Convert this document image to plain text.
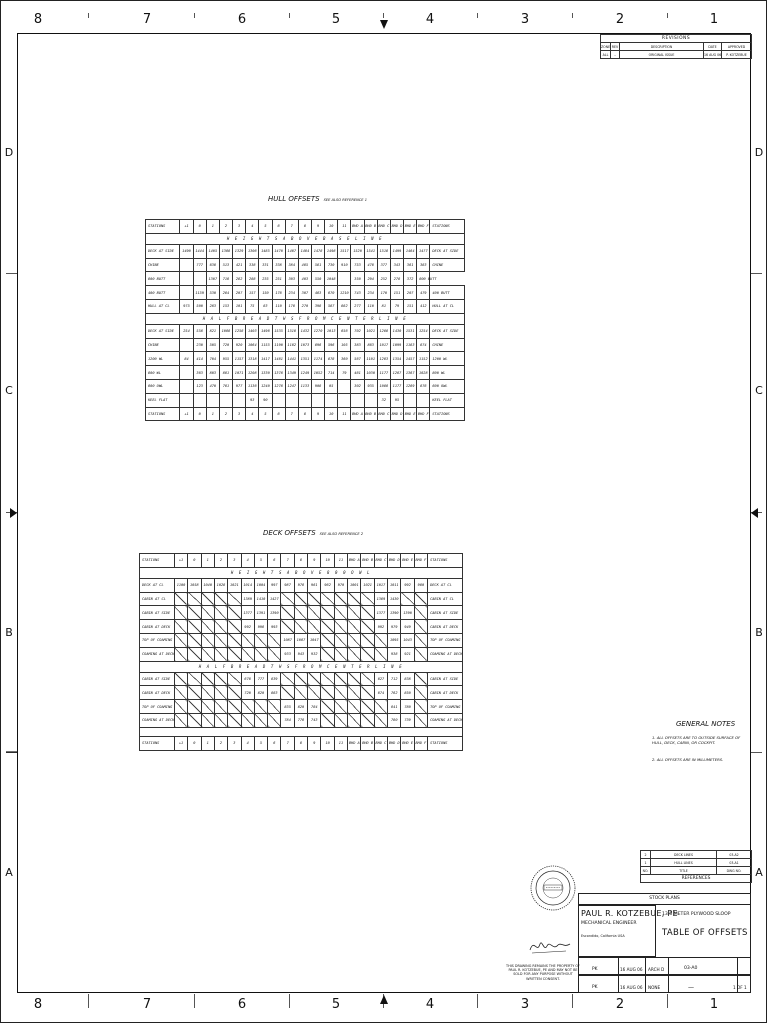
8	7	6	5	4	3	2	1
8	7	6	5	4	3	2	1
D
C
B
A
D
C
B
A
REVISIONS				
ZONE	REV	DESCRIPTION	DATE	APPROVED
ALL	–	ORIGINAL ISSUE	16 AUG 06	P. KOTZEBUE
HULL OFFSETS SEE ALSO REFERENCE 1
STATIONS	+1	0	1	2	3	4	5	6	7	8	9	10	11	BHD A	BHD B	BHD C	BHD D	BHD E	BHD F	STATIONS
H E I G H T S A B O V E B A S E L I N E																				
DECK AT SIDE	1490	1444	1405	1368	1329	1306	1485	1470	1467	1464	1478	1498	1517	1520	1541	1518	1499	1464	1477	DECK AT SIDE
CHINE		777	636	513	421	338	331	338	384	465	581	730	910	753	476	377	343	361	383	CHINE
800 BUTT			1307	716	282	288	235	251	303	403	550	1048		350	294	252	278	372	800 BUTT	
400 BUTT		1159	530	284	207	157	150	176	234	307	463	670	1210	743	234	170	151	207	479	400 BUTT
HULL AT CL	975	500	283	153	101	75	83	110	176	270	398	587	882	277	110	81	79	151	412	HULL AT CL
H A L F B R E A D T H S F R O M C E N T E R L I N E																				
DECK AT SIDE	254	558	821	1068	1258	1403	1496	1535	1516	1432	1270	1013	656	702	1021	1288	1430	1531	1254	DECK AT SIDE
CHINE		230	505	720	920	1064	1155	1190	1162	1073	896	596	105	383	863	1017	1099	1183	874	CHINE
1200 WL	84	414	704	955	1157	1318	1417	1461	1441	1351	1174	878	360	567	1101	1263	1354	1457	1152	1200 WL
800 WL		363	803	861	1071	1208	1330	1378	1349	1249	1052	714	79	461	1030	1177	1267	1367	1028	800 WL
600 OWL		123	470	761	977	1136	1240	1278	1247	1133	908	05		302	935	1086	1177	1269	876	600 OWL
KEEL FLAT						93	90									32	95			KEEL FLAT
STATIONS	+1	0	1	2	3	4	5	6	7	8	9	10	11	BHD A	BHD B	BHD C	BHD D	BHD E	BHD F	STATIONS
DECK OFFSETS SEE ALSO REFERENCE 2
STATIONS	+1	0	1	2	3	4	5	6	7	8	9	10	11	BHD A	BHD B	BHD C	BHD D	BHD E	BHD F	STATIONS
H E I G H T S A B O V E 8 0 0 O W L																				
DECK AT CL	1100	1058	1040	1028	1021	1014	1004	997	987	976	961	962	970	1001	1021	1017	1011	992	960	DECK AT CL
CABIN AT CL						1389	1410	1427								1389	1430			CABIN AT CL
CABIN AT SIDE						1377	1391	1390								1377	1390	1390		CABIN AT SIDE
CABIN AT DECK						992	996	993								992	979	949		CABIN AT DECK
TOP OF COAMING									1087	1067	1047						1095	1043		TOP OF COAMING
COAMING AT DECK									933	943	932						938	921		COAMING AT DECK
H A L F B R E A D T H S F R O M C E N T E R L I N E																				
CABIN AT SIDE						676	777	839								627	712	838		CABIN AT SIDE
CABIN AT DECK						720	820	883								674	762	850		CABIN AT DECK
TOP OF COAMING									835	820	784						641	780		TOP OF COAMING
COAMING AT DECK									784	776	743						780	739		COAMING AT DECK

STATIONS	+1	0	1	2	3	4	5	6	7	8	9	10	11	BHD A	BHD B	BHD C	BHD D	BHD E	BHD F	STATIONS
GENERAL NOTES
1. ALL OFFSETS ARE TO OUTSIDE SURFACE OF HULL, DECK, CABIN, OR COCKPIT.
2. ALL OFFSETS ARE IN MILLIMETERS.
2	DECK LINES	03-A2
1	HULL LINES	03-A1
NO.	TITLE	DWG NO.
REFERENCES		
THIS DRAWING REMAINS THE PROPERTY OF PAUL R. KOTZEBUE, PE AND MAY NOT BE SOLD FOR ANY PURPOSE WITHOUT WRITTEN CONSENT.
STOCK PLANS
PAUL R. KOTZEBUE, PE
MECHANICAL ENGINEER
Escondido, California USA
13.5 METER PLYWOOD SLOOP
TABLE OF OFFSETS
PK	16 AUG 06 ARCH D	03-A0
PK	16 AUG 06 NONE	—	1 OF 1
